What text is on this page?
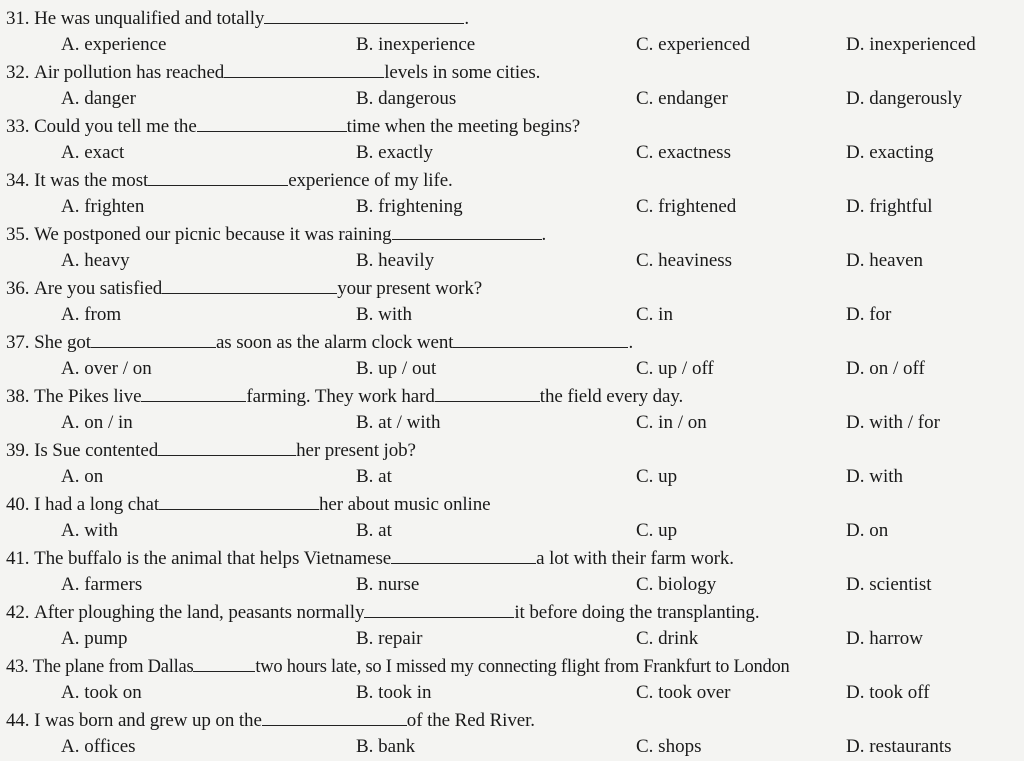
31. He was unqualified and totally	.
A. experience	B. inexperience	C. experienced	D. inexperienced
32. Air pollution has reached	levels in some cities.
A. danger	B. dangerous	C. endanger	D. dangerously
33. Could you tell me the	time when the meeting begins?
A. exact	B. exactly	C. exactness	D. exacting
34. It was the most	experience of my life.
A. frighten	B. frightening	C. frightened	D. frightful
35. We postponed our picnic because it was raining	.
A. heavy	B. heavily	C. heaviness	D. heaven
36. Are you satisfied	your present work?
A. from	B. with	C. in	D. for
37. She got	as soon as the alarm clock went	.
A. over / on	B. up / out	C. up / off	D. on / off
38. The Pikes live	farming. They work hard	the field every day.
A. on / in	B. at / with	C. in / on	D. with / for
39. Is Sue contented	her present job?
A. on	B. at	C. up	D. with
40. I had a long chat	her about music online
A. with	B. at	C. up	D. on
41. The buffalo is the animal that helps Vietnamese	a lot with their farm work.
A. farmers	B. nurse	C. biology	D. scientist
42. After ploughing the land, peasants normally	it before doing the transplanting.
A. pump	B. repair	C. drink	D. harrow
43. The plane from Dallas	two hours late, so I missed my connecting flight from Frankfurt to London
A. took on	B. took in	C. took over	D. took off
44. I was born and grew up on the	of the Red River.
A. offices	B. bank	C. shops	D. restaurants
